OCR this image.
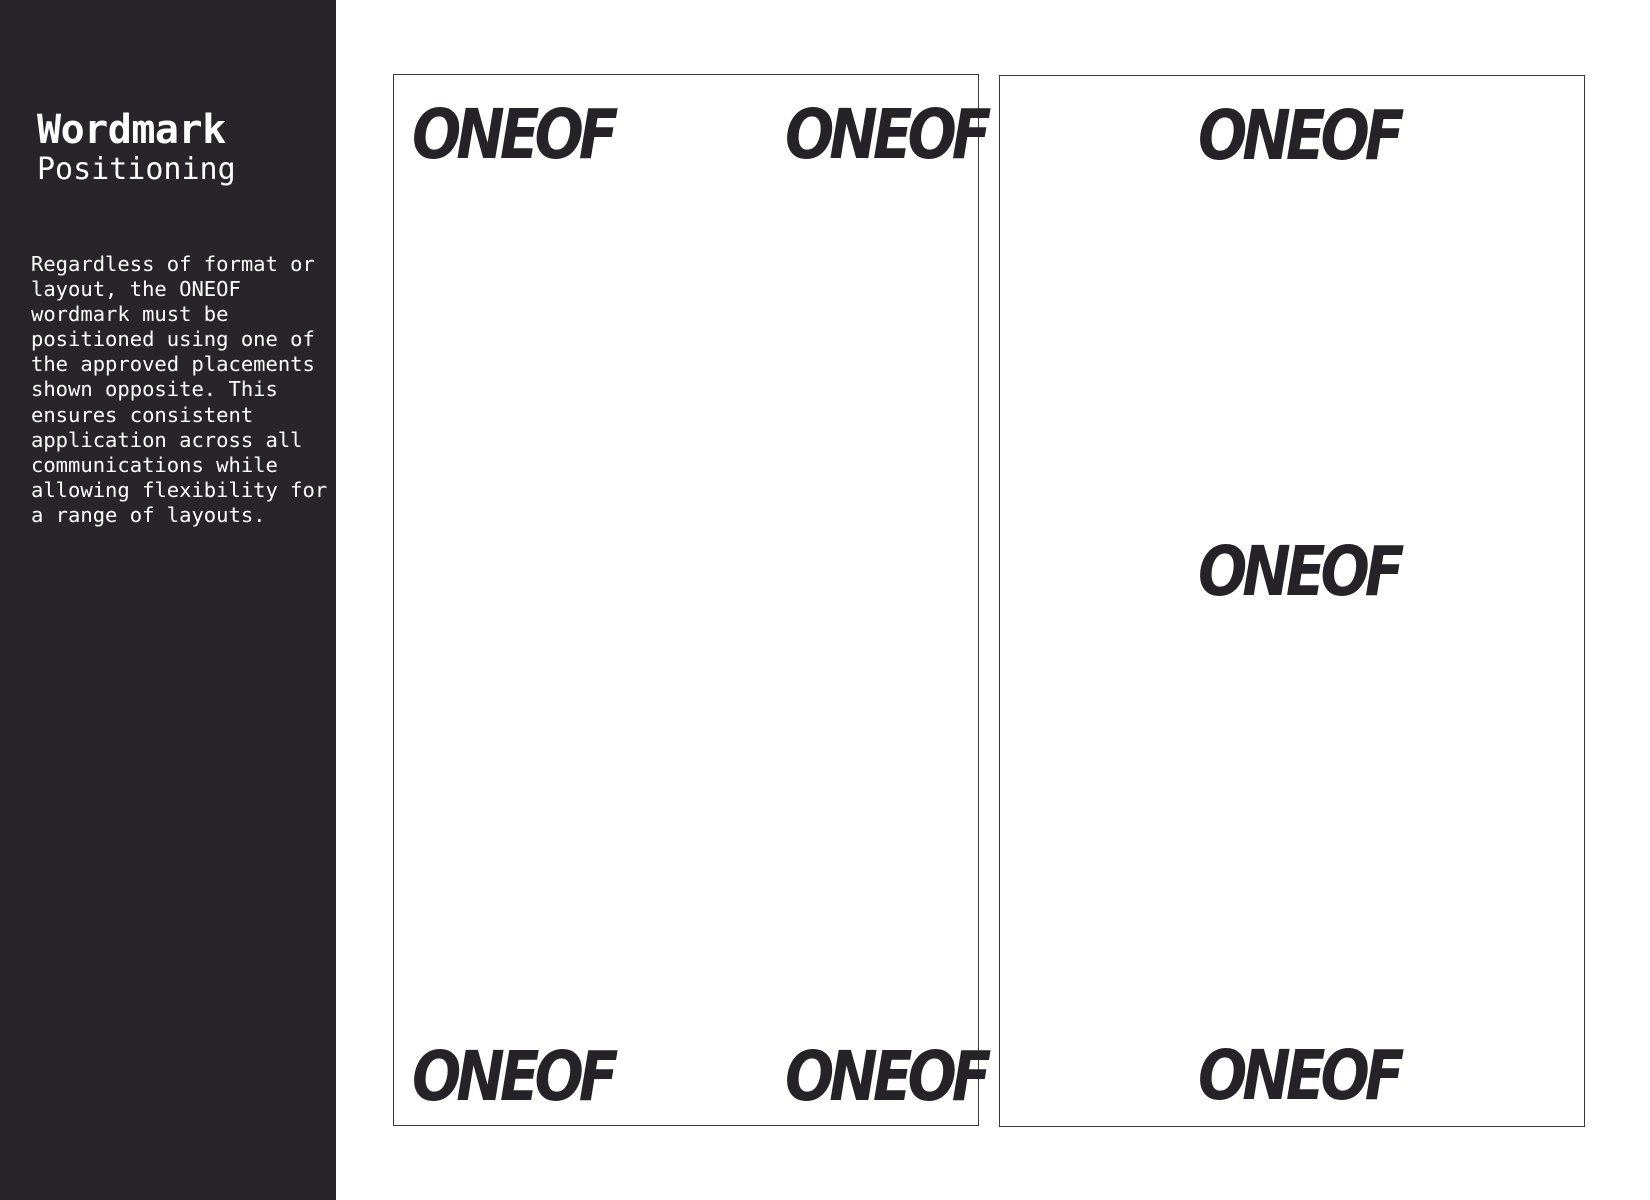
Wordmark
Positioning

Regardless of format or layout, the ONEOF wordmark must be positioned using one of the approved placements shown opposite. This ensures consistent application across all communications while allowing flexibility for a range of layouts.

ONEOF	ONEOF
ONEOF	ONEOF
ONEOF
ONEOF
ONEOF
